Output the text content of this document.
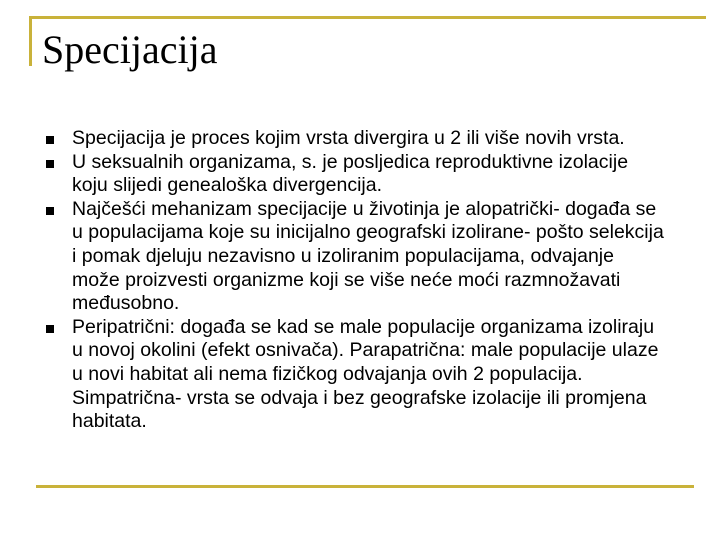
Specijacija
Specijacija je proces kojim vrsta divergira u 2 ili više novih vrsta.
U seksualnih organizama, s. je posljedica reproduktivne izolacije koju slijedi genealoška divergencija.
Najčešći mehanizam specijacije u životinja je alopatrički- događa se u populacijama koje su inicijalno geografski izolirane- pošto selekcija i pomak djeluju nezavisno u izoliranim populacijama, odvajanje može proizvesti organizme koji se više neće moći razmnožavati međusobno.
Peripatrični: događa se kad se male populacije organizama izoliraju u novoj okolini (efekt osnivača). Parapatrična: male populacije ulaze u novi habitat ali nema fizičkog odvajanja ovih 2 populacija. Simpatrična- vrsta se odvaja i bez geografske izolacije ili promjena habitata.
